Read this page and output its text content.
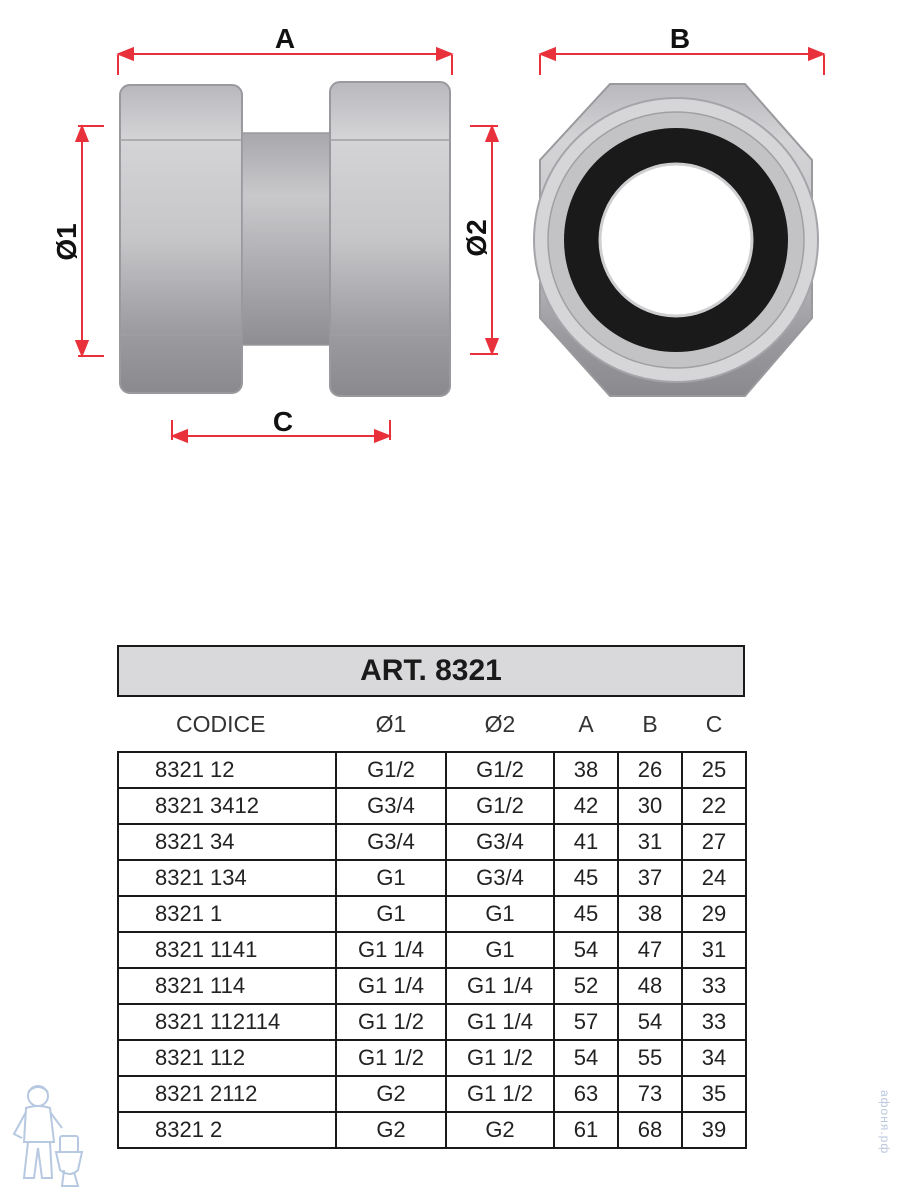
A	B
C
Ø1	Ø2
ART. 8321
CODICE	Ø1	Ø2	A	B	C
8321 12	G1/2	G1/2	38	26	25
8321 3412	G3/4	G1/2	42	30	22
8321 34	G3/4	G3/4	41	31	27
8321 134	G1	G3/4	45	37	24
8321 1	G1	G1	45	38	29
8321 1141	G1 1/4	G1	54	47	31
8321 114	G1 1/4	G1 1/4	52	48	33
8321 112114	G1 1/2	G1 1/4	57	54	33
8321 112	G1 1/2	G1 1/2	54	55	34
8321 2112	G2	G1 1/2	63	73	35
8321 2	G2	G2	61	68	39	афоня.рф
